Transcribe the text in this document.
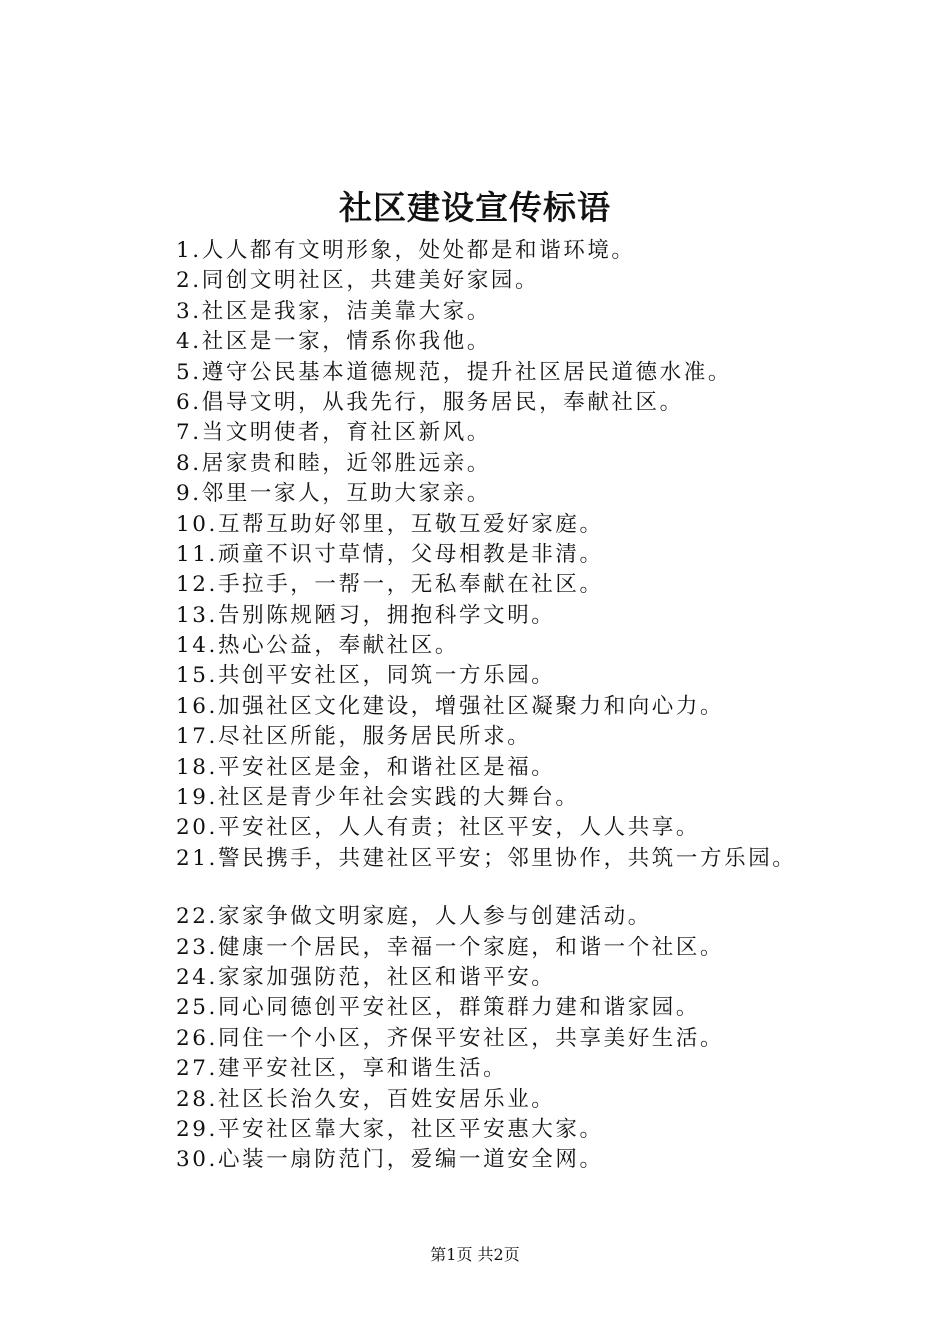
社区建设宣传标语
1.人人都有文明形象，处处都是和谐环境。
2.同创文明社区，共建美好家园。
3.社区是我家，洁美靠大家。
4.社区是一家，情系你我他。
5.遵守公民基本道德规范，提升社区居民道德水准。
6.倡导文明，从我先行，服务居民，奉献社区。
7.当文明使者，育社区新风。
8.居家贵和睦，近邻胜远亲。
9.邻里一家人，互助大家亲。
10.互帮互助好邻里，互敬互爱好家庭。
11.顽童不识寸草情，父母相教是非清。
12.手拉手，一帮一，无私奉献在社区。
13.告别陈规陋习，拥抱科学文明。
14.热心公益，奉献社区。
15.共创平安社区，同筑一方乐园。
16.加强社区文化建设，增强社区凝聚力和向心力。
17.尽社区所能，服务居民所求。
18.平安社区是金，和谐社区是福。
19.社区是青少年社会实践的大舞台。
20.平安社区，人人有责；社区平安，人人共享。
21.警民携手，共建社区平安；邻里协作，共筑一方乐园。
22.家家争做文明家庭，人人参与创建活动。
23.健康一个居民，幸福一个家庭，和谐一个社区。
24.家家加强防范，社区和谐平安。
25.同心同德创平安社区，群策群力建和谐家园。
26.同住一个小区，齐保平安社区，共享美好生活。
27.建平安社区，享和谐生活。
28.社区长治久安，百姓安居乐业。
29.平安社区靠大家，社区平安惠大家。
30.心装一扇防范门，爱编一道安全网。
第1页 共2页
